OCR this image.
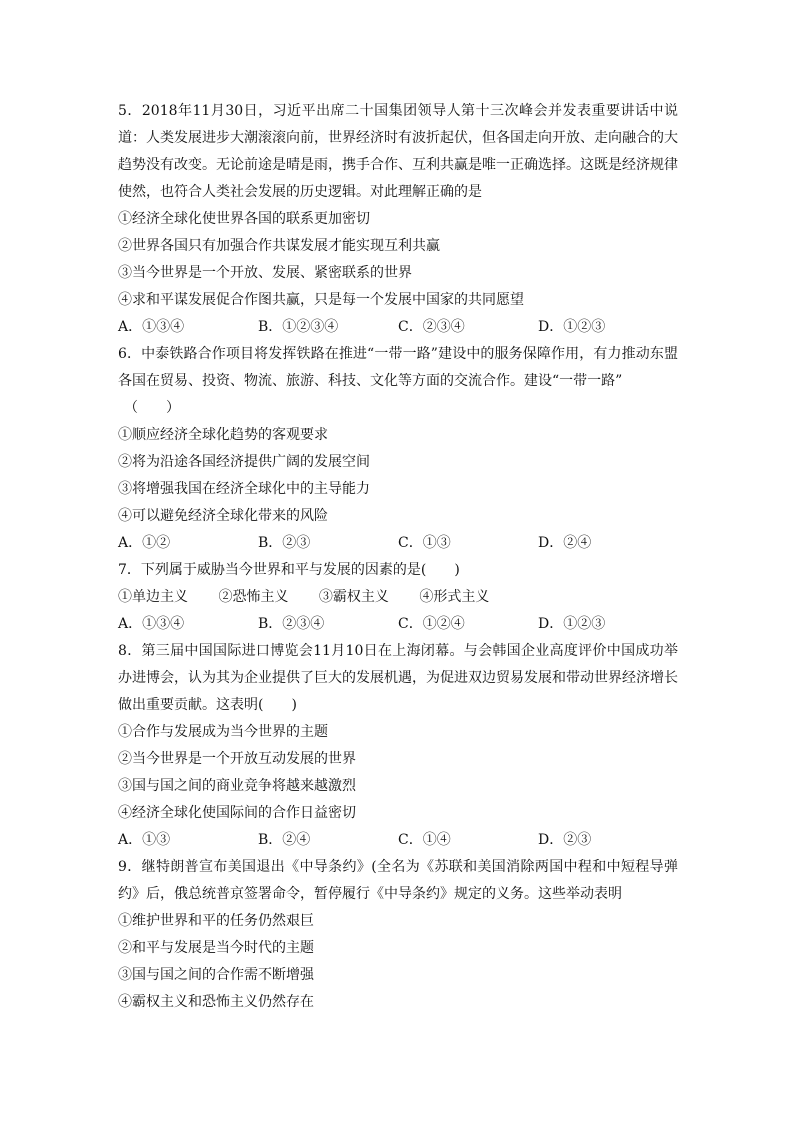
5．2018年11月30日，习近平出席二十国集团领导人第十三次峰会并发表重要讲话中说道：人类发展进步大潮滚滚向前，世界经济时有波折起伏，但各国走向开放、走向融合的大趋势没有改变。无论前途是晴是雨，携手合作、互利共赢是唯一正确选择。这既是经济规律使然，也符合人类社会发展的历史逻辑。对此理解正确的是

①经济全球化使世界各国的联系更加密切

②世界各国只有加强合作共谋发展才能实现互利共赢

③当今世界是一个开放、发展、紧密联系的世界

④求和平谋发展促合作图共赢，只是每一个发展中国家的共同愿望

A．①③④	B．①②③④	C．②③④	D．①②③

6．中泰铁路合作项目将发挥铁路在推进“一带一路”建设中的服务保障作用，有力推动东盟各国在贸易、投资、物流、旅游、科技、文化等方面的交流合作。建设“一带一路”

（　　）

①顺应经济全球化趋势的客观要求

②将为沿途各国经济提供广阔的发展空间

③将增强我国在经济全球化中的主导能力

④可以避免经济全球化带来的风险

A．①②	B．②③	C．①③	D．②④

7．下列属于威胁当今世界和平与发展的因素的是(　　)

①单边主义 ②恐怖主义 ③霸权主义 ④形式主义

A．①③④	B．②③④	C．①②④	D．①②③

8．第三届中国国际进口博览会11月10日在上海闭幕。与会韩国企业高度评价中国成功举办进博会，认为其为企业提供了巨大的发展机遇，为促进双边贸易发展和带动世界经济增长做出重要贡献。这表明(　　)

①合作与发展成为当今世界的主题

②当今世界是一个开放互动发展的世界

③国与国之间的商业竞争将越来越激烈

④经济全球化使国际间的合作日益密切

A．①③	B．②④	C．①④	D．②③

9．继特朗普宣布美国退出《中导条约》(全名为《苏联和美国消除两国中程和中短程导弹约》后，俄总统普京签署命令，暂停履行《中导条约》规定的义务。这些举动表明

①维护世界和平的任务仍然艰巨

②和平与发展是当今时代的主题

③国与国之间的合作需不断增强

④霸权主义和恐怖主义仍然存在
